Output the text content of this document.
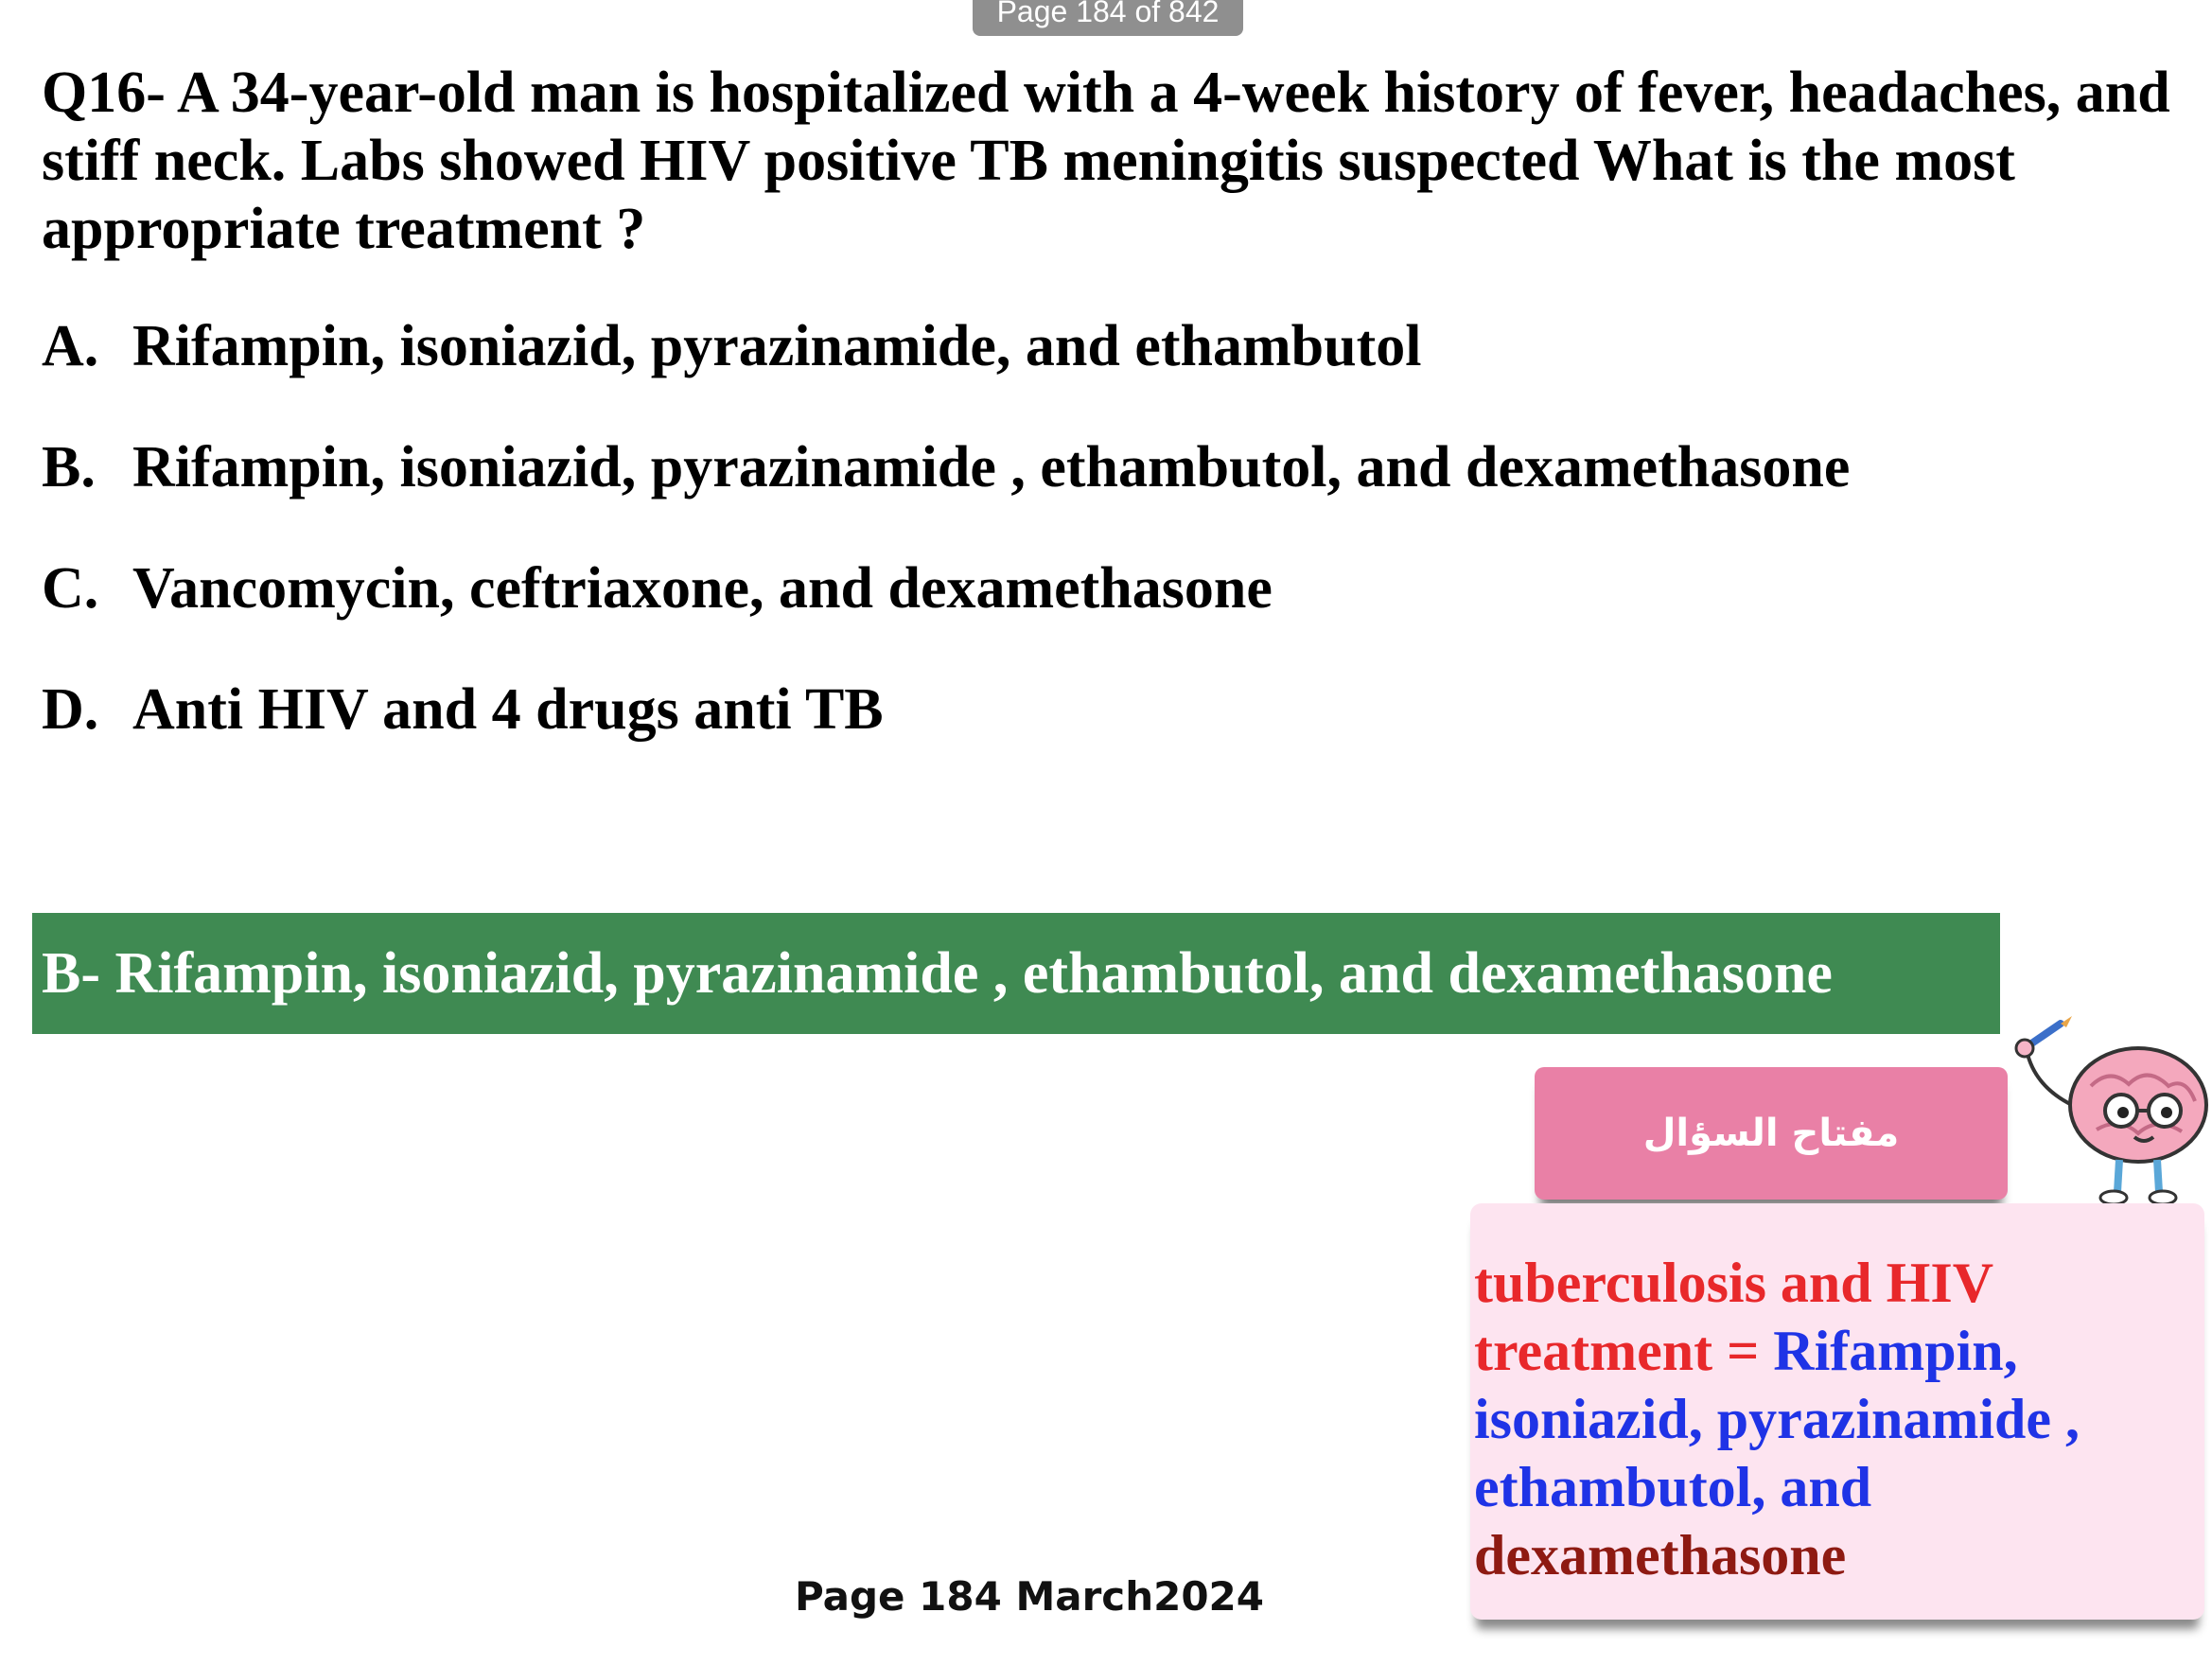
Page 184 of 842

Q16- A 34-year-old man is hospitalized with a 4-week history of fever, headaches, and stiff neck. Labs showed HIV positive TB meningitis suspected What is the most appropriate treatment ?

A. Rifampin, isoniazid, pyrazinamide, and ethambutol
B. Rifampin, isoniazid, pyrazinamide , ethambutol, and dexamethasone
C. Vancomycin, ceftriaxone, and dexamethasone
D. Anti HIV and 4 drugs anti TB
B- Rifampin, isoniazid, pyrazinamide , ethambutol, and dexamethasone
مفتاح السؤال

tuberculosis and HIV

treatment = Rifampin,

isoniazid, pyrazinamide ,

ethambutol, and

dexamethasone

Page 184 March2024
